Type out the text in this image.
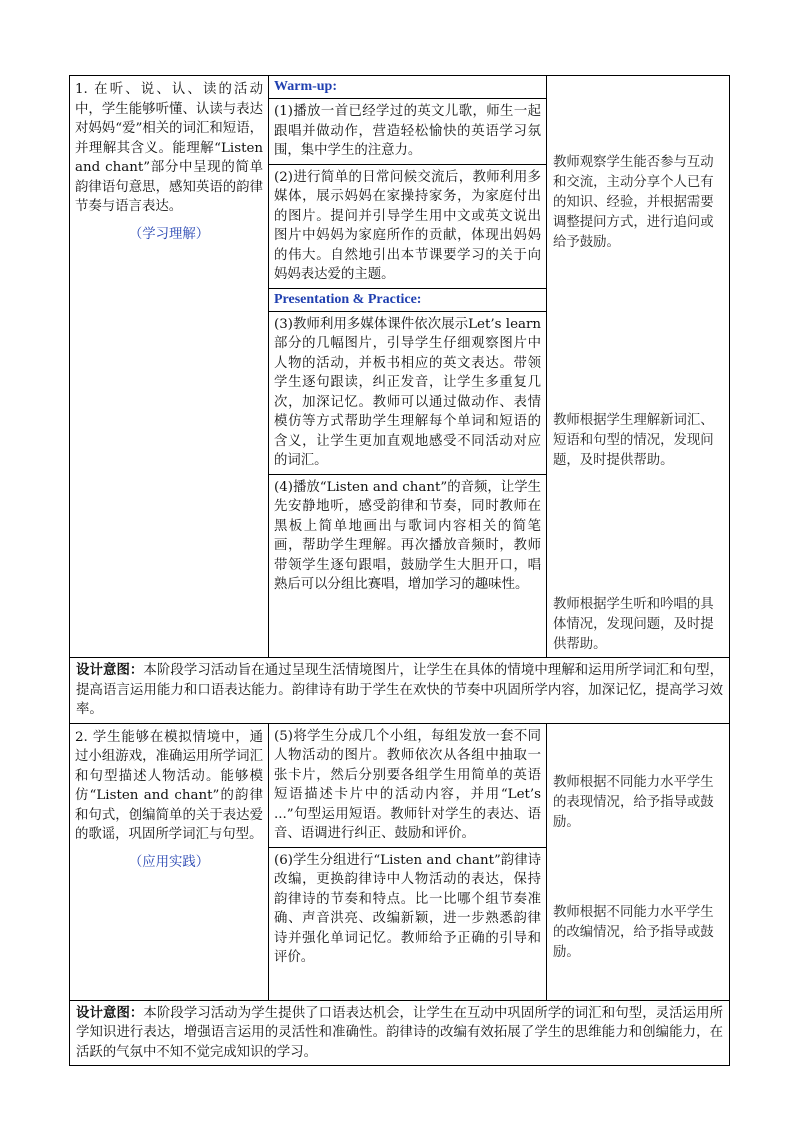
1. 在听、说、认、读的活动中，学生能够听懂、认读与表达对妈妈“爱”相关的词汇和短语，并理解其含义。能理解“Listen and chant”部分中呈现的简单韵律语句意思，感知英语的韵律节奏与语言表达。

（学习理解）

Warm-up:
(1)播放一首已经学过的英文儿歌，师生一起跟唱并做动作，营造轻松愉快的英语学习氛围，集中学生的注意力。
(2)进行简单的日常问候交流后，教师利用多媒体，展示妈妈在家操持家务，为家庭付出的图片。提问并引导学生用中文或英文说出图片中妈妈为家庭所作的贡献，体现出妈妈的伟大。自然地引出本节课要学习的关于向妈妈表达爱的主题。
Presentation & Practice:
(3)教师利用多媒体课件依次展示Let’s learn部分的几幅图片，引导学生仔细观察图片中人物的活动，并板书相应的英文表达。带领学生逐句跟读，纠正发音，让学生多重复几次，加深记忆。教师可以通过做动作、表情模仿等方式帮助学生理解每个单词和短语的含义，让学生更加直观地感受不同活动对应的词汇。
(4)播放“Listen and chant”的音频，让学生先安静地听，感受韵律和节奏，同时教师在黑板上简单地画出与歌词内容相关的简笔画，帮助学生理解。再次播放音频时，教师带领学生逐句跟唱，鼓励学生大胆开口，唱熟后可以分组比赛唱，增加学习的趣味性。

教师观察学生能否参与互动和交流，主动分享个人已有的知识、经验，并根据需要调整提问方式，进行追问或给予鼓励。

教师根据学生理解新词汇、短语和句型的情况，发现问题，及时提供帮助。

教师根据学生听和吟唱的具体情况，发现问题，及时提供帮助。

设计意图：本阶段学习活动旨在通过呈现生活情境图片，让学生在具体的情境中理解和运用所学词汇和句型，提高语言运用能力和口语表达能力。韵律诗有助于学生在欢快的节奏中巩固所学内容，加深记忆，提高学习效率。

2. 学生能够在模拟情境中，通过小组游戏，准确运用所学词汇和句型描述人物活动。能够模仿“Listen and chant”的韵律和句式，创编简单的关于表达爱的歌谣，巩固所学词汇与句型。

（应用实践）

(5)将学生分成几个小组，每组发放一套不同人物活动的图片。教师依次从各组中抽取一张卡片，然后分别要各组学生用简单的英语短语描述卡片中的活动内容，并用“Let’s ...”句型运用短语。教师针对学生的表达、语音、语调进行纠正、鼓励和评价。
(6)学生分组进行“Listen and chant”韵律诗改编，更换韵律诗中人物活动的表达，保持韵律诗的节奏和特点。比一比哪个组节奏准确、声音洪亮、改编新颖，进一步熟悉韵律诗并强化单词记忆。教师给予正确的引导和评价。

教师根据不同能力水平学生的表现情况，给予指导或鼓励。

教师根据不同能力水平学生的改编情况，给予指导或鼓励。

设计意图：本阶段学习活动为学生提供了口语表达机会，让学生在互动中巩固所学的词汇和句型，灵活运用所学知识进行表达，增强语言运用的灵活性和准确性。韵律诗的改编有效拓展了学生的思维能力和创编能力，在活跃的气氛中不知不觉完成知识的学习。
